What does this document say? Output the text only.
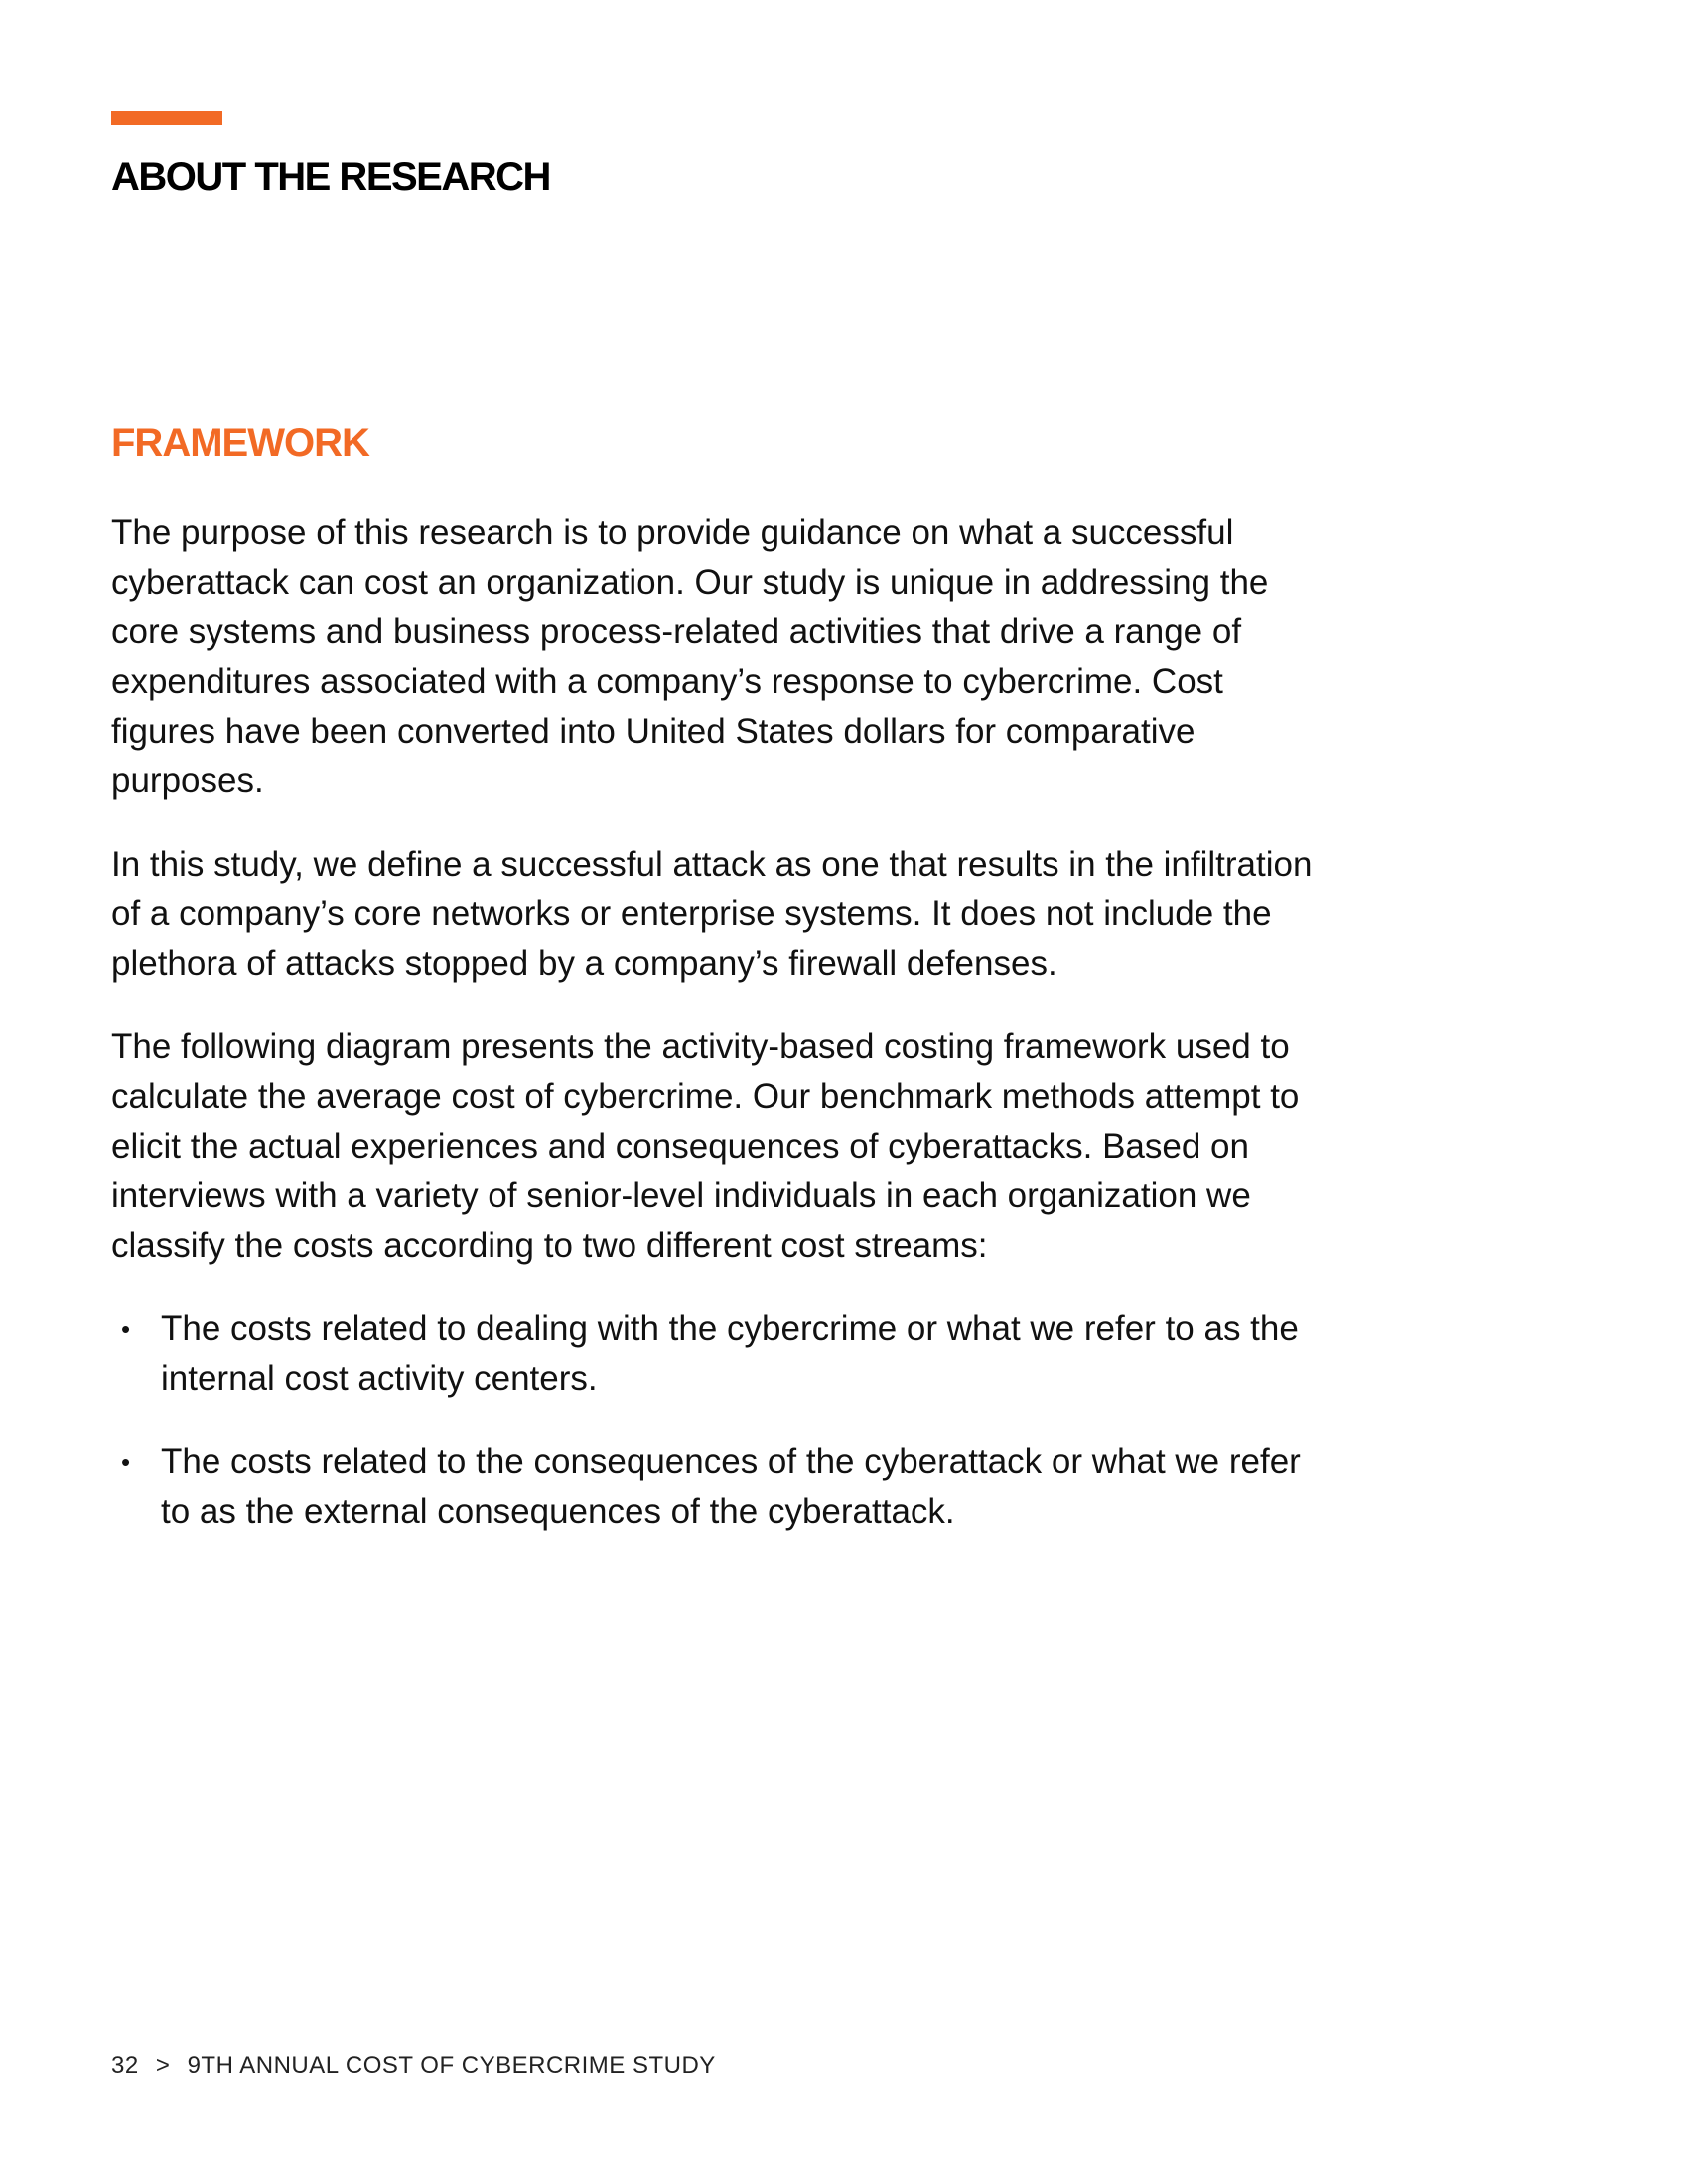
ABOUT THE RESEARCH
FRAMEWORK

The purpose of this research is to provide guidance on what a successful cyberattack can cost an organization. Our study is unique in addressing the core systems and business process-related activities that drive a range of expenditures associated with a company’s response to cybercrime. Cost figures have been converted into United States dollars for comparative purposes.

In this study, we define a successful attack as one that results in the infiltration of a company’s core networks or enterprise systems. It does not include the plethora of attacks stopped by a company’s firewall defenses.

The following diagram presents the activity-based costing framework used to calculate the average cost of cybercrime. Our benchmark methods attempt to elicit the actual experiences and consequences of cyberattacks. Based on interviews with a variety of senior-level individuals in each organization we classify the costs according to two different cost streams:

• The costs related to dealing with the cybercrime or what we refer to as the internal cost activity centers.
• The costs related to the consequences of the cyberattack or what we refer to as the external consequences of the cyberattack.
32 > 9TH ANNUAL COST OF CYBERCRIME STUDY
